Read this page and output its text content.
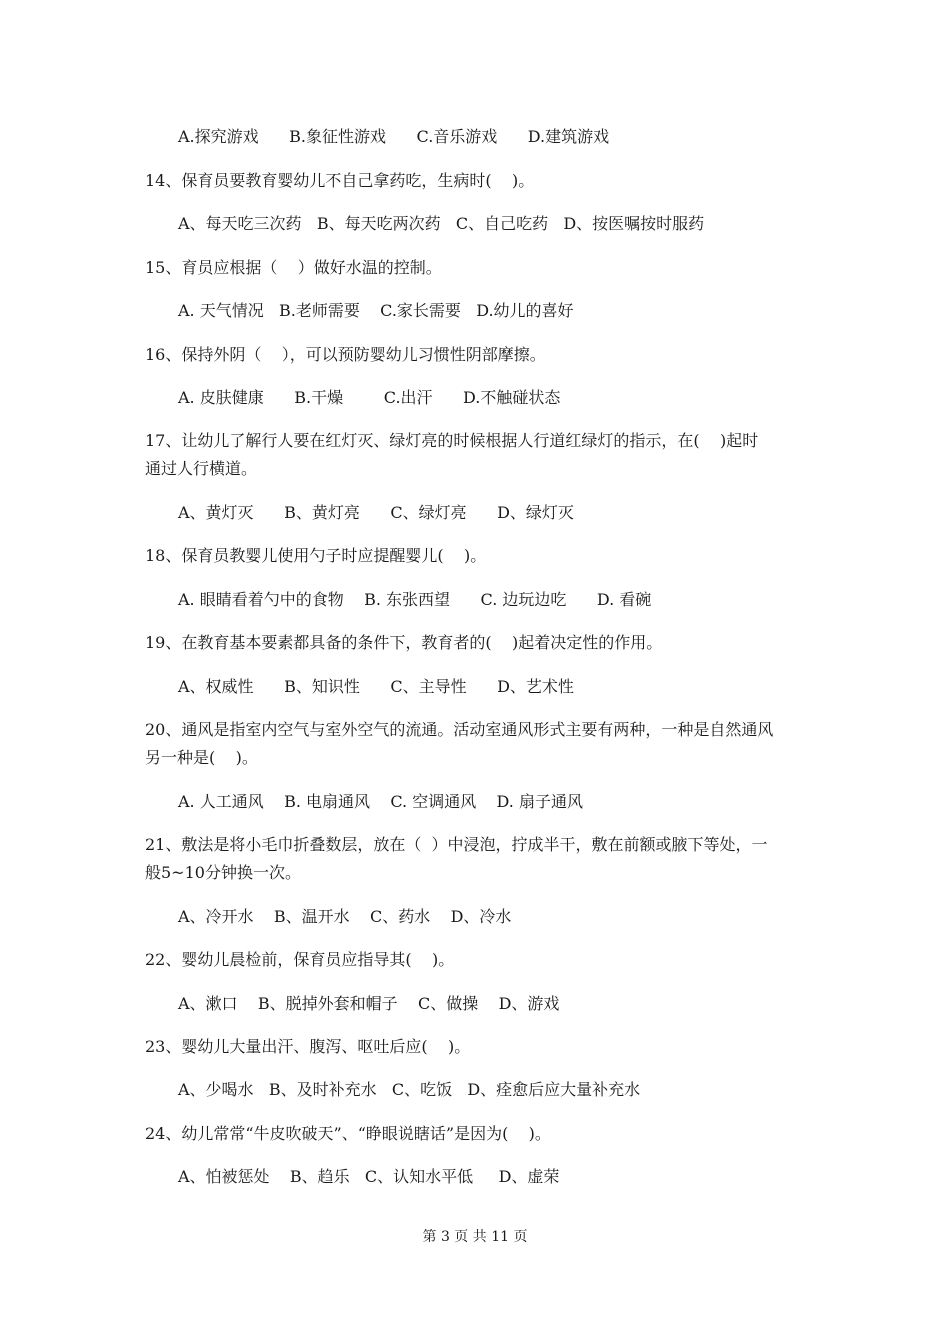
A.探究游戏      B.象征性游戏      C.音乐游戏      D.建筑游戏
14、保育员要教育婴幼儿不自己拿药吃，生病时(    )。
A、每天吃三次药   B、每天吃两次药   C、自己吃药   D、按医嘱按时服药
15、育员应根据（    ）做好水温的控制。
A. 天气情况   B.老师需要    C.家长需要   D.幼儿的喜好
16、保持外阴（    ），可以预防婴幼儿习惯性阴部摩擦。
A. 皮肤健康      B.干燥        C.出汗      D.不触碰状态
17、让幼儿了解行人要在红灯灭、绿灯亮的时候根据人行道红绿灯的指示，在(    )起时
通过人行横道。
A、黄灯灭      B、黄灯亮      C、绿灯亮      D、绿灯灭
18、保育员教婴儿使用勺子时应提醒婴儿(    )。
A. 眼睛看着勺中的食物    B. 东张西望      C. 边玩边吃      D. 看碗
19、在教育基本要素都具备的条件下，教育者的(    )起着决定性的作用。
A、权威性      B、知识性      C、主导性      D、艺术性
20、通风是指室内空气与室外空气的流通。活动室通风形式主要有两种，一种是自然通风
另一种是(    )。
A. 人工通风    B. 电扇通风    C. 空调通风    D. 扇子通风
21、敷法是将小毛巾折叠数层，放在（  ）中浸泡，拧成半干，敷在前额或腋下等处，一
般5~10分钟换一次。
A、冷开水    B、温开水    C、药水    D、冷水
22、婴幼儿晨检前，保育员应指导其(    )。
A、漱口    B、脱掉外套和帽子    C、做操    D、游戏
23、婴幼儿大量出汗、腹泻、呕吐后应(    )。
A、少喝水   B、及时补充水   C、吃饭   D、痊愈后应大量补充水
24、幼儿常常“牛皮吹破天”、“睁眼说瞎话”是因为(    )。
A、怕被惩处    B、趋乐   C、认知水平低     D、虚荣
第 3 页 共 11 页
